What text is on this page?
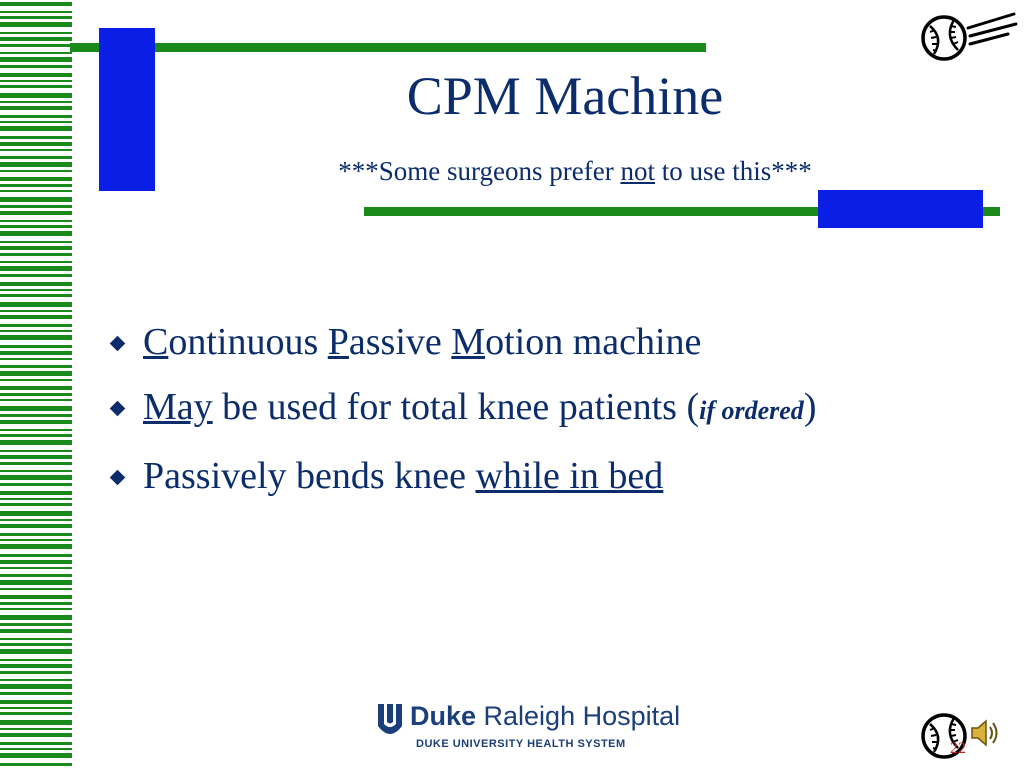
CPM Machine
***Some surgeons prefer not to use this***
Continuous Passive Motion machine
May be used for total knee patients (if ordered)
Passively bends knee while in bed
Duke Raleigh Hospital
DUKE UNIVERSITY HEALTH SYSTEM	22
